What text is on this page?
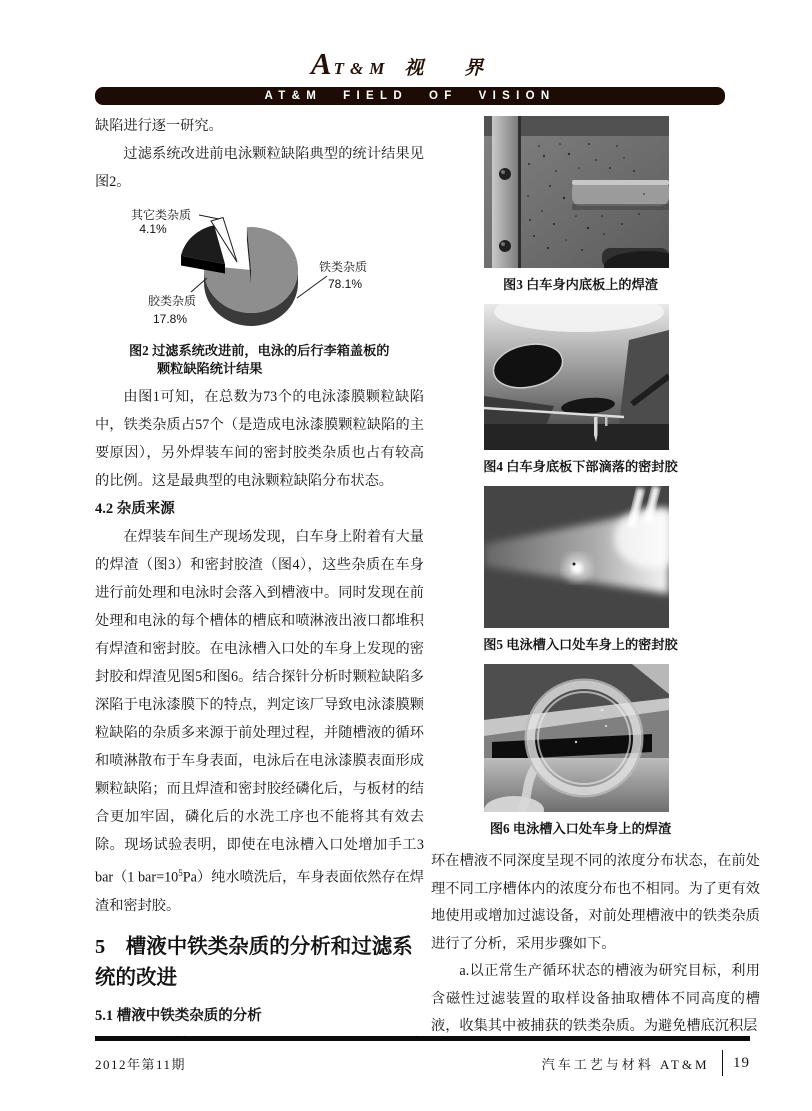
AT&M 视 界
AT&M FIELD OF VISION

缺陷进行逐一研究。

过滤系统改进前电泳颗粒缺陷典型的统计结果见图2。

其它类杂质
4.1%
铁类杂质
78.1%
胶类杂质
17.8%
图2 过滤系统改进前，电泳的后行李箱盖板的
颗粒缺陷统计结果

由图1可知，在总数为73个的电泳漆膜颗粒缺陷中，铁类杂质占57个（是造成电泳漆膜颗粒缺陷的主要原因），另外焊装车间的密封胶类杂质也占有较高的比例。这是最典型的电泳颗粒缺陷分布状态。

4.2 杂质来源

在焊装车间生产现场发现，白车身上附着有大量的焊渣（图3）和密封胶渣（图4），这些杂质在车身进行前处理和电泳时会落入到槽液中。同时发现在前处理和电泳的每个槽体的槽底和喷淋液出液口都堆积有焊渣和密封胶。在电泳槽入口处的车身上发现的密封胶和焊渣见图5和图6。结合探针分析时颗粒缺陷多深陷于电泳漆膜下的特点，判定该厂导致电泳漆膜颗粒缺陷的杂质多来源于前处理过程，并随槽液的循环和喷淋散布于车身表面，电泳后在电泳漆膜表面形成颗粒缺陷；而且焊渣和密封胶经磷化后，与板材的结合更加牢固，磷化后的水洗工序也不能将其有效去除。现场试验表明，即使在电泳槽入口处增加手工3 bar（1 $bar=10^5Pa$）纯水喷洗后，车身表面依然存在焊渣和密封胶。

5　槽液中铁类杂质的分析和过滤系统的改进
5.1 槽液中铁类杂质的分析

图3 白车身内底板上的焊渣
图4 白车身底板下部滴落的密封胶
图5 电泳槽入口处车身上的密封胶
图6 电泳槽入口处车身上的焊渣

环在槽液不同深度呈现不同的浓度分布状态，在前处理不同工序槽体内的浓度分布也不相同。为了更有效地使用或增加过滤设备，对前处理槽液中的铁类杂质进行了分析，采用步骤如下。

a.以正常生产循环状态的槽液为研究目标，利用含磁性过滤装置的取样设备抽取槽体不同高度的槽液，收集其中被捕获的铁类杂质。为避免槽底沉积层

2012年第11期	汽车工艺与材料 AT&M 19
